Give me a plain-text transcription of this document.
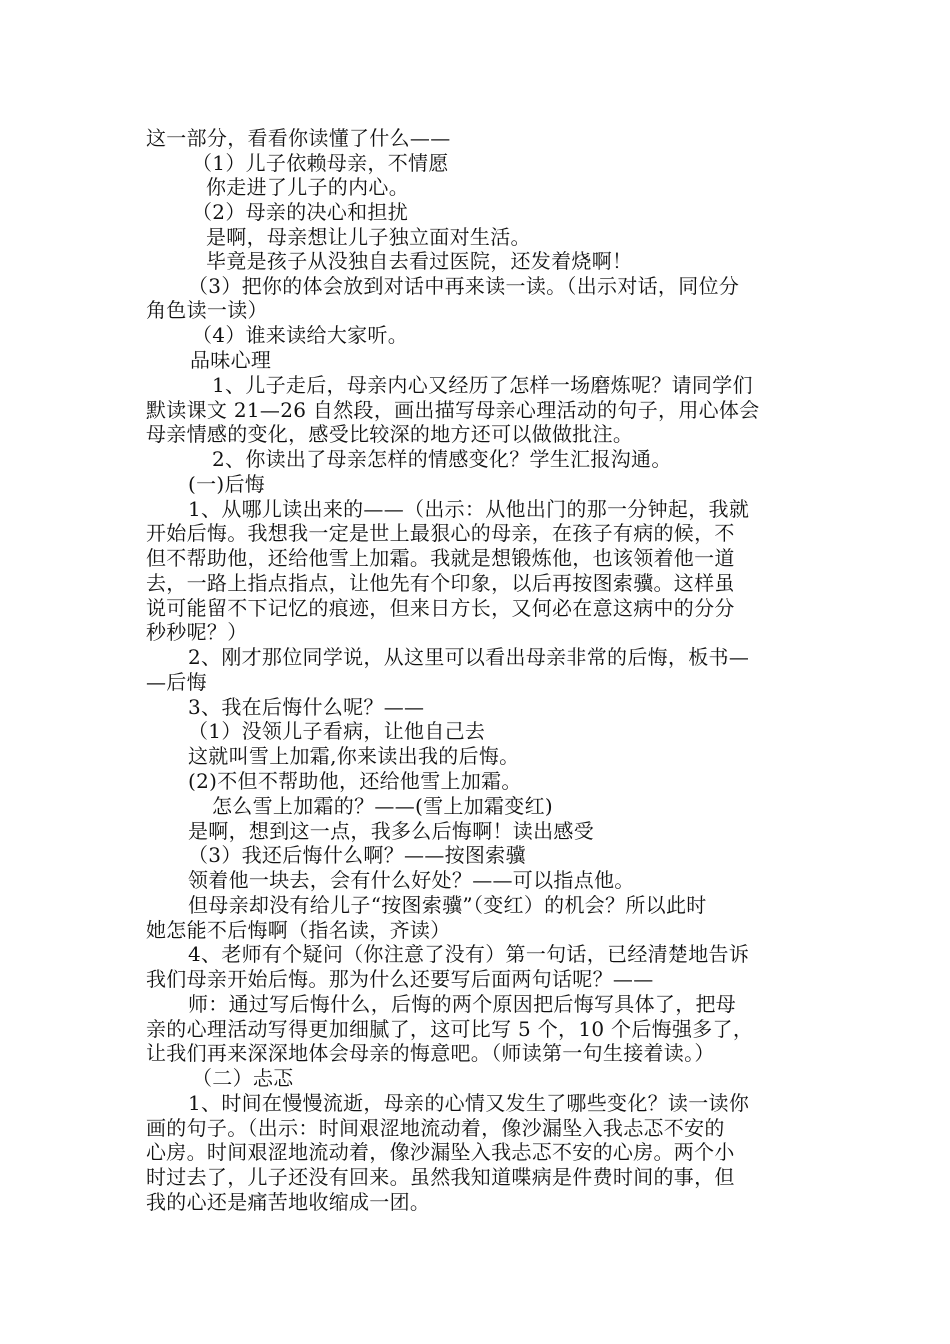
这一部分，看看你读懂了什么——
（1）儿子依赖母亲，不情愿
你走进了儿子的内心。
（2）母亲的决心和担扰
是啊，母亲想让儿子独立面对生活。
毕竟是孩子从没独自去看过医院，还发着烧啊！
（3）把你的体会放到对话中再来读一读。（出示对话，同位分
角色读一读）
（4）谁来读给大家听。
品味心理
1、儿子走后，母亲内心又经历了怎样一场磨炼呢？请同学们
默读课文 21—26 自然段，画出描写母亲心理活动的句子，用心体会
母亲情感的变化，感受比较深的地方还可以做做批注。
2、你读出了母亲怎样的情感变化？学生汇报沟通。
(一)后悔
1、从哪儿读出来的——（出示：从他出门的那一分钟起，我就
开始后悔。我想我一定是世上最狠心的母亲，在孩子有病的候，不
但不帮助他，还给他雪上加霜。我就是想锻炼他，也该领着他一道
去，一路上指点指点，让他先有个印象，以后再按图索骥。这样虽
说可能留不下记忆的痕迹，但来日方长，又何必在意这病中的分分
秒秒呢？）
2、刚才那位同学说，从这里可以看出母亲非常的后悔，板书—
—后悔
3、我在后悔什么呢？——
（1）没领儿子看病，让他自己去
这就叫雪上加霜,你来读出我的后悔。
(2)不但不帮助他，还给他雪上加霜。
怎么雪上加霜的？——(雪上加霜变红)
是啊，想到这一点，我多么后悔啊！读出感受
（3）我还后悔什么啊？——按图索骥
领着他一块去，会有什么好处？——可以指点他。
但母亲却没有给儿子“按图索骥”（变红）的机会？所以此时
她怎能不后悔啊（指名读，齐读）
4、老师有个疑问（你注意了没有）第一句话，已经清楚地告诉
我们母亲开始后悔。那为什么还要写后面两句话呢？——
师：通过写后悔什么，后悔的两个原因把后悔写具体了，把母
亲的心理活动写得更加细腻了，这可比写 5 个，10 个后悔强多了，
让我们再来深深地体会母亲的悔意吧。（师读第一句生接着读。）
（二）忐忑
1、时间在慢慢流逝，母亲的心情又发生了哪些变化？读一读你
画的句子。（出示：时间艰涩地流动着，像沙漏坠入我忐忑不安的
心房。时间艰涩地流动着，像沙漏坠入我忐忑不安的心房。两个小
时过去了，儿子还没有回来。虽然我知道喋病是件费时间的事，但
我的心还是痛苦地收缩成一团。
